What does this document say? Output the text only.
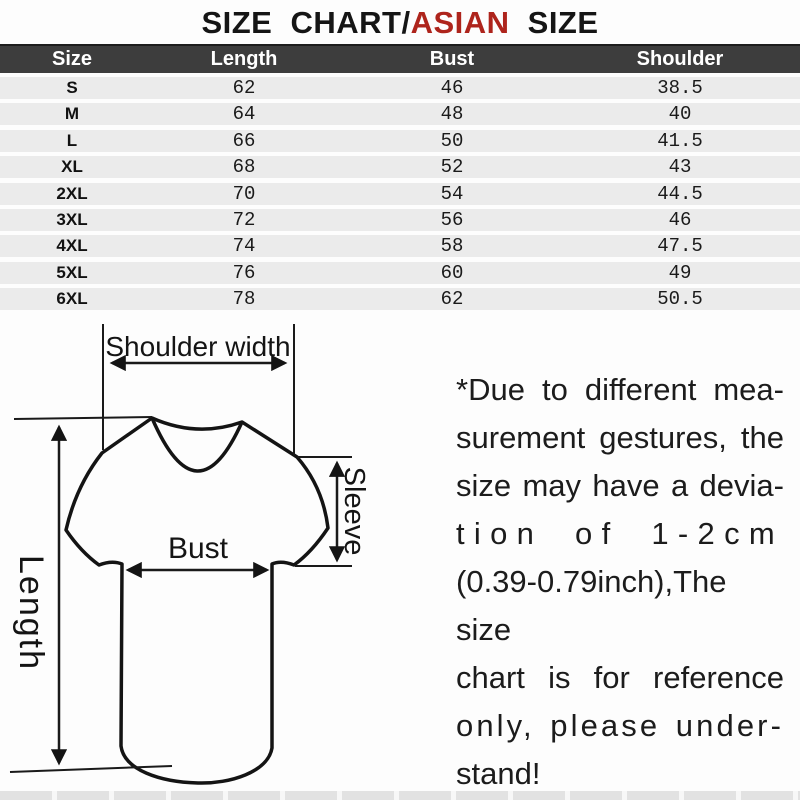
SIZE CHART/ASIAN SIZE
Size	Length	Bust	Shoulder
S	62	46	38.5
M	64	48	40
L	66	50	41.5
XL	68	52	43
2XL	70	54	44.5
3XL	72	56	46
4XL	74	58	47.5
5XL	76	60	49
6XL	78	62	50.5
Shoulder width
Length
Sleeve
Bust
*Due to different mea-
surement gestures, the
size may have a devia-
tion of 1-2cm
(0.39-0.79inch),The size
chart is for reference
only, please under-
stand!
